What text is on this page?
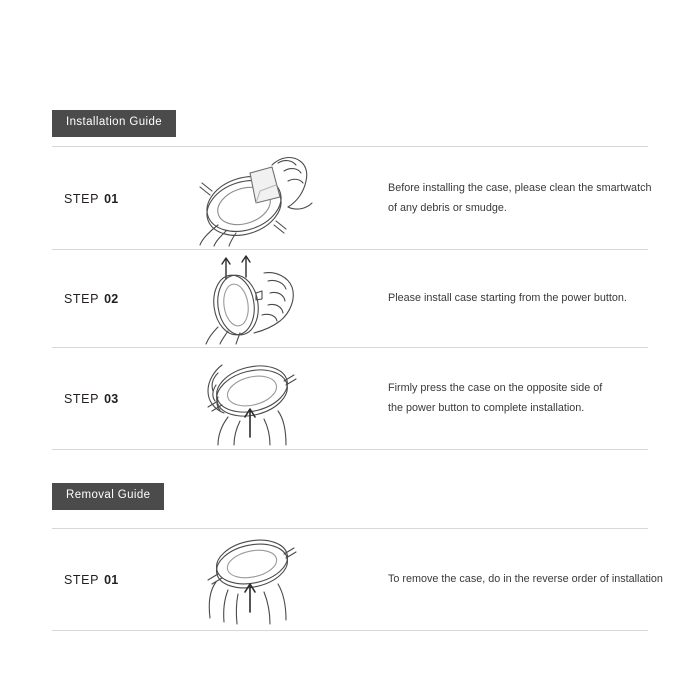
Installation Guide
STEP 01
Before installing the case, please clean the smartwatch
of any debris or smudge.
STEP 02	Please install case starting from the power button.
STEP 03
Firmly press the case on the opposite side of
the power button to complete installation.
Removal Guide
STEP 01	To remove the case, do in the reverse order of installation
